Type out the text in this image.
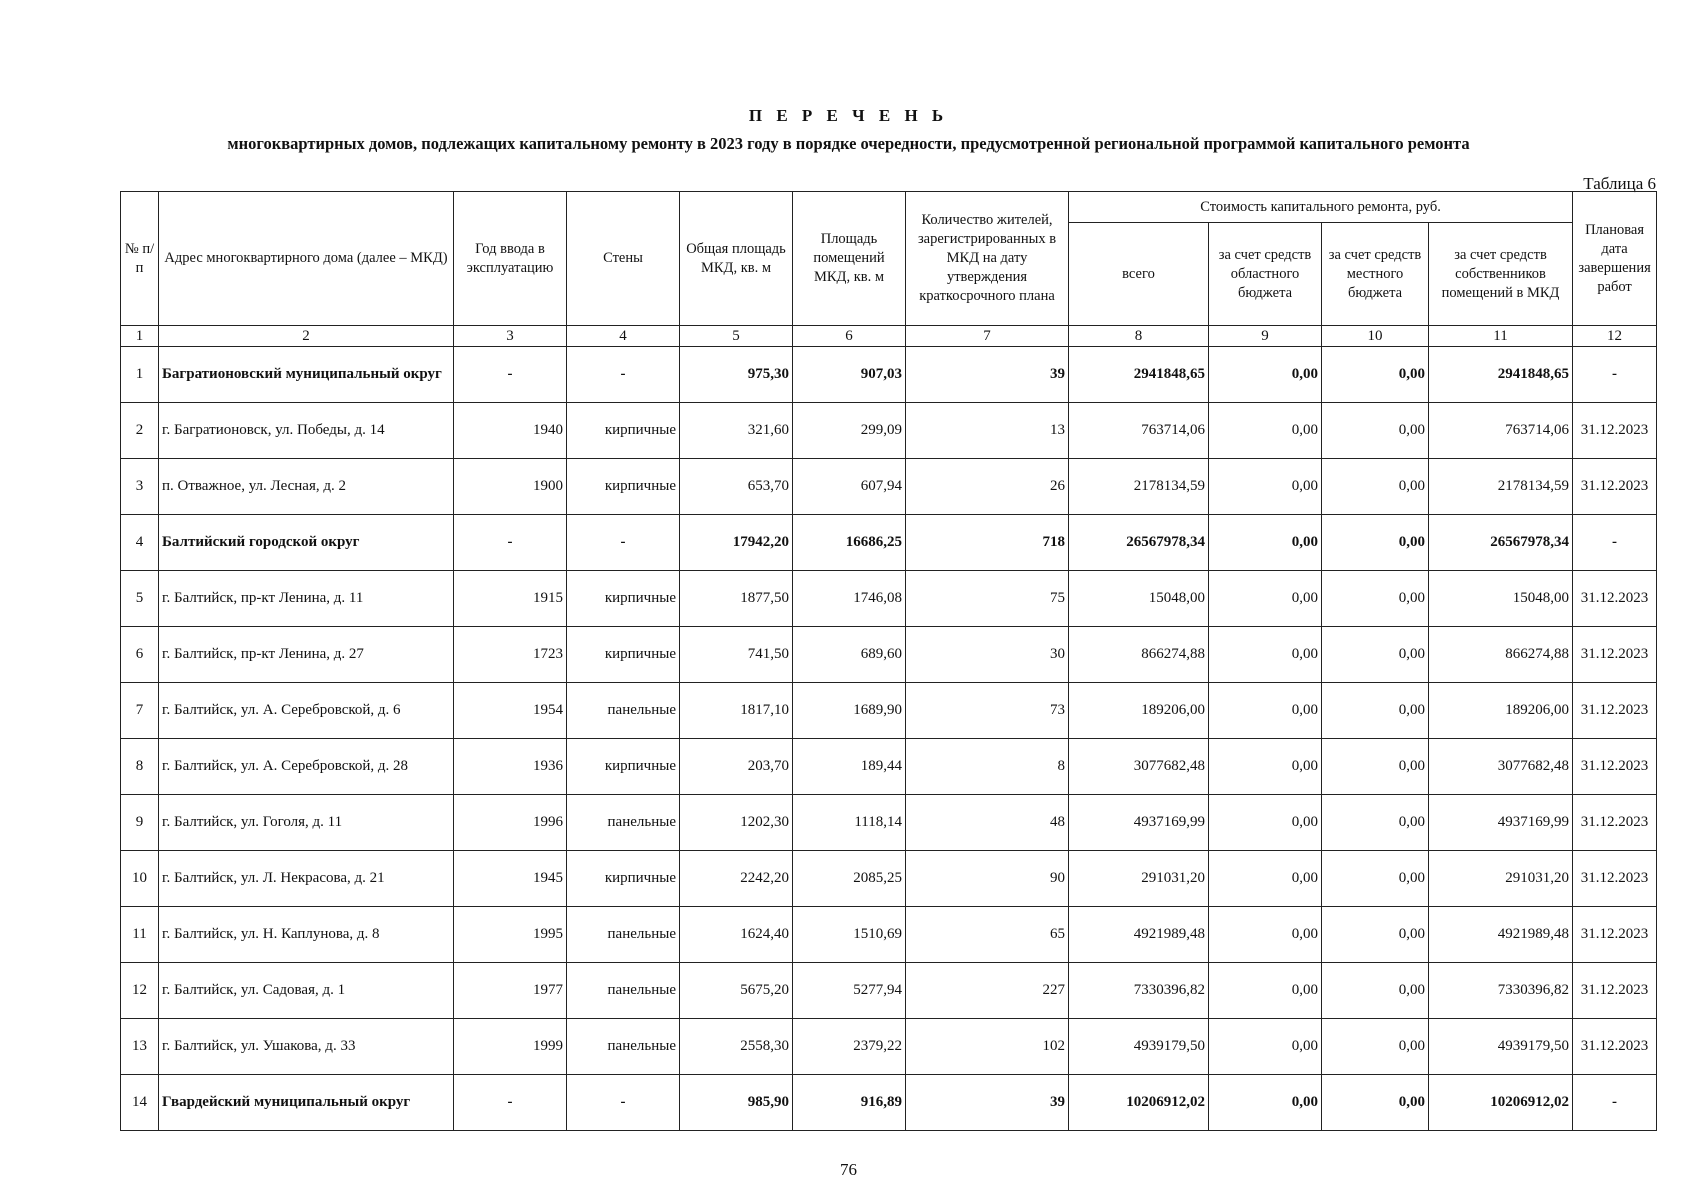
П Е Р Е Ч Е Н Ь
многоквартирных домов, подлежащих капитальному ремонту в 2023 году в порядке очередности, предусмотренной региональной программой капитального ремонта
Таблица 6
№ п/п	Адрес многоквартирного дома (далее – МКД)	Год ввода в эксплуатацию	Стены	Общая площадь МКД, кв. м	Площадь помещений МКД, кв. м	Количество жителей, зарегистрированных в МКД на дату утверждения краткосрочного плана	Стоимость капитального ремонта, руб.				Плановая дата завершения работ
							всего	за счет средств областного бюджета	за счет средств местного бюджета	за счет средств собственников помещений в МКД	
1	2	3	4	5	6	7	8	9	10	11	12
1	Багратионовский муниципальный округ	-	-	975,30	907,03	39	2941848,65	0,00	0,00	2941848,65	-
2	г. Багратионовск, ул. Победы, д. 14	1940	кирпичные	321,60	299,09	13	763714,06	0,00	0,00	763714,06	31.12.2023
3	п. Отважное, ул. Лесная, д. 2	1900	кирпичные	653,70	607,94	26	2178134,59	0,00	0,00	2178134,59	31.12.2023
4	Балтийский городской округ	-	-	17942,20	16686,25	718	26567978,34	0,00	0,00	26567978,34	-
5	г. Балтийск, пр-кт Ленина, д. 11	1915	кирпичные	1877,50	1746,08	75	15048,00	0,00	0,00	15048,00	31.12.2023
6	г. Балтийск, пр-кт Ленина, д. 27	1723	кирпичные	741,50	689,60	30	866274,88	0,00	0,00	866274,88	31.12.2023
7	г. Балтийск, ул. А. Серебровской, д. 6	1954	панельные	1817,10	1689,90	73	189206,00	0,00	0,00	189206,00	31.12.2023
8	г. Балтийск, ул. А. Серебровской, д. 28	1936	кирпичные	203,70	189,44	8	3077682,48	0,00	0,00	3077682,48	31.12.2023
9	г. Балтийск, ул. Гоголя, д. 11	1996	панельные	1202,30	1118,14	48	4937169,99	0,00	0,00	4937169,99	31.12.2023
10	г. Балтийск, ул. Л. Некрасова, д. 21	1945	кирпичные	2242,20	2085,25	90	291031,20	0,00	0,00	291031,20	31.12.2023
11	г. Балтийск, ул. Н. Каплунова, д. 8	1995	панельные	1624,40	1510,69	65	4921989,48	0,00	0,00	4921989,48	31.12.2023
12	г. Балтийск, ул. Садовая, д. 1	1977	панельные	5675,20	5277,94	227	7330396,82	0,00	0,00	7330396,82	31.12.2023
13	г. Балтийск, ул. Ушакова, д. 33	1999	панельные	2558,30	2379,22	102	4939179,50	0,00	0,00	4939179,50	31.12.2023
14	Гвардейский муниципальный округ	-	-	985,90	916,89	39	10206912,02	0,00	0,00	10206912,02	-
76
